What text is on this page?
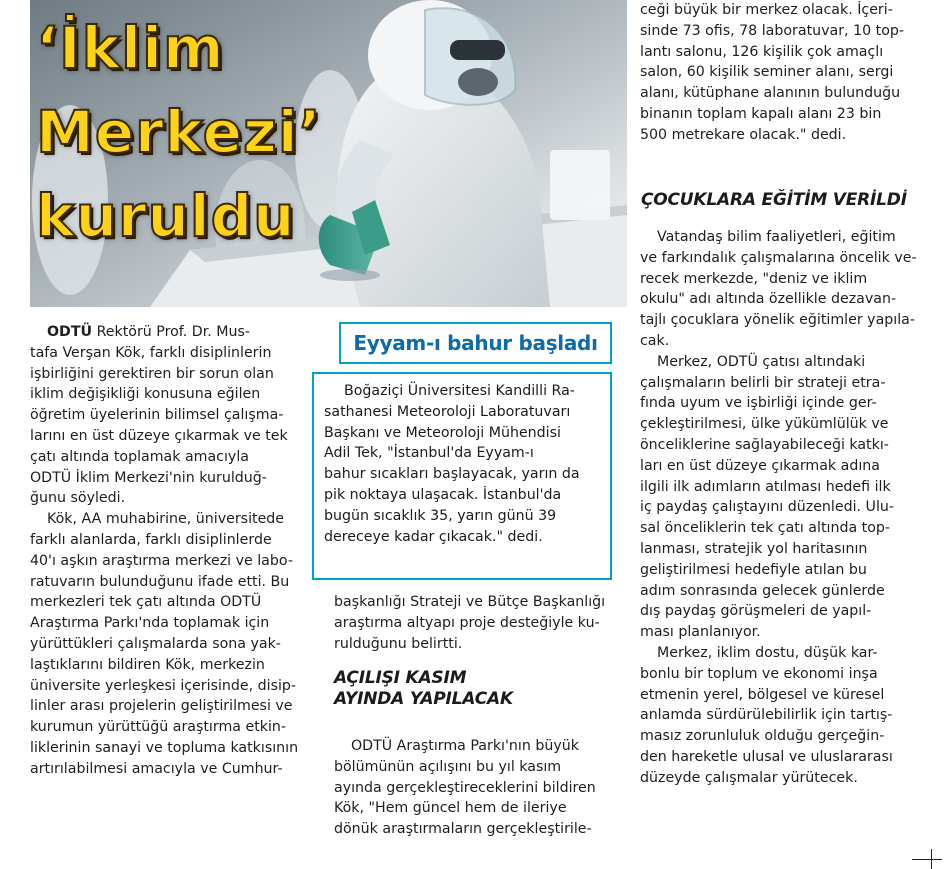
‘İklim
Merkezi’
kuruldu
ODTÜ Rektörü Prof. Dr. Mus-
tafa Verşan Kök, farklı disiplinlerin
işbirliğini gerektiren bir sorun olan
iklim değişikliği konusuna eğilen
öğretim üyelerinin bilimsel çalışma-
larını en üst düzeye çıkarmak ve tek
çatı altında toplamak amacıyla
ODTÜ İklim Merkezi'nin kurulduğ-
ğunu söyledi.
Kök, AA muhabirine, üniversitede
farklı alanlarda, farklı disiplinlerde
40'ı aşkın araştırma merkezi ve labo-
ratuvarın bulunduğunu ifade etti. Bu
merkezleri tek çatı altında ODTÜ
Araştırma Parkı'nda toplamak için
yürüttükleri çalışmalarda sona yak-
laştıklarını bildiren Kök, merkezin
üniversite yerleşkesi içerisinde, disip-
linler arası projelerin geliştirilmesi ve
kurumun yürüttüğü araştırma etkin-
liklerinin sanayi ve topluma katkısının
artırılabilmesi amacıyla ve Cumhur-
Eyyam-ı bahur başladı
Boğaziçi Üniversitesi Kandilli Ra-
sathanesi Meteoroloji Laboratuvarı
Başkanı ve Meteoroloji Mühendisi
Adil Tek, "İstanbul'da Eyyam-ı
bahur sıcakları başlayacak, yarın da
pik noktaya ulaşacak. İstanbul'da
bugün sıcaklık 35, yarın günü 39
dereceye kadar çıkacak." dedi.
başkanlığı Strateji ve Bütçe Başkanlığı
araştırma altyapı proje desteğiyle ku-
rulduğunu belirtti.
AÇILIŞI KASIM
AYINDA YAPILACAK
ODTÜ Araştırma Parkı'nın büyük
bölümünün açılışını bu yıl kasım
ayında gerçekleştireceklerini bildiren
Kök, "Hem güncel hem de ileriye
dönük araştırmaların gerçekleştirile-
ceği büyük bir merkez olacak. İçeri-
sinde 73 ofis, 78 laboratuvar, 10 top-
lantı salonu, 126 kişilik çok amaçlı
salon, 60 kişilik seminer alanı, sergi
alanı, kütüphane alanının bulunduğu
binanın toplam kapalı alanı 23 bin
500 metrekare olacak." dedi.
ÇOCUKLARA EĞİTİM VERİLDİ
Vatandaş bilim faaliyetleri, eğitim
ve farkındalık çalışmalarına öncelik ve-
recek merkezde, "deniz ve iklim
okulu" adı altında özellikle dezavan-
tajlı çocuklara yönelik eğitimler yapıla-
cak.
Merkez, ODTÜ çatısı altındaki
çalışmaların belirli bir strateji etra-
fında uyum ve işbirliği içinde ger-
çekleştirilmesi, ülke yükümlülük ve
önceliklerine sağlayabileceği katkı-
ları en üst düzeye çıkarmak adına
ilgili ilk adımların atılması hedefi ilk
iç paydaş çalıştayını düzenledi. Ulu-
sal önceliklerin tek çatı altında top-
lanması, stratejik yol haritasının
geliştirilmesi hedefiyle atılan bu
adım sonrasında gelecek günlerde
dış paydaş görüşmeleri de yapıl-
ması planlanıyor.
Merkez, iklim dostu, düşük kar-
bonlu bir toplum ve ekonomi inşa
etmenin yerel, bölgesel ve küresel
anlamda sürdürülebilirlik için tartış-
masız zorunluluk olduğu gerçeğin-
den hareketle ulusal ve uluslararası
düzeyde çalışmalar yürütecek.
